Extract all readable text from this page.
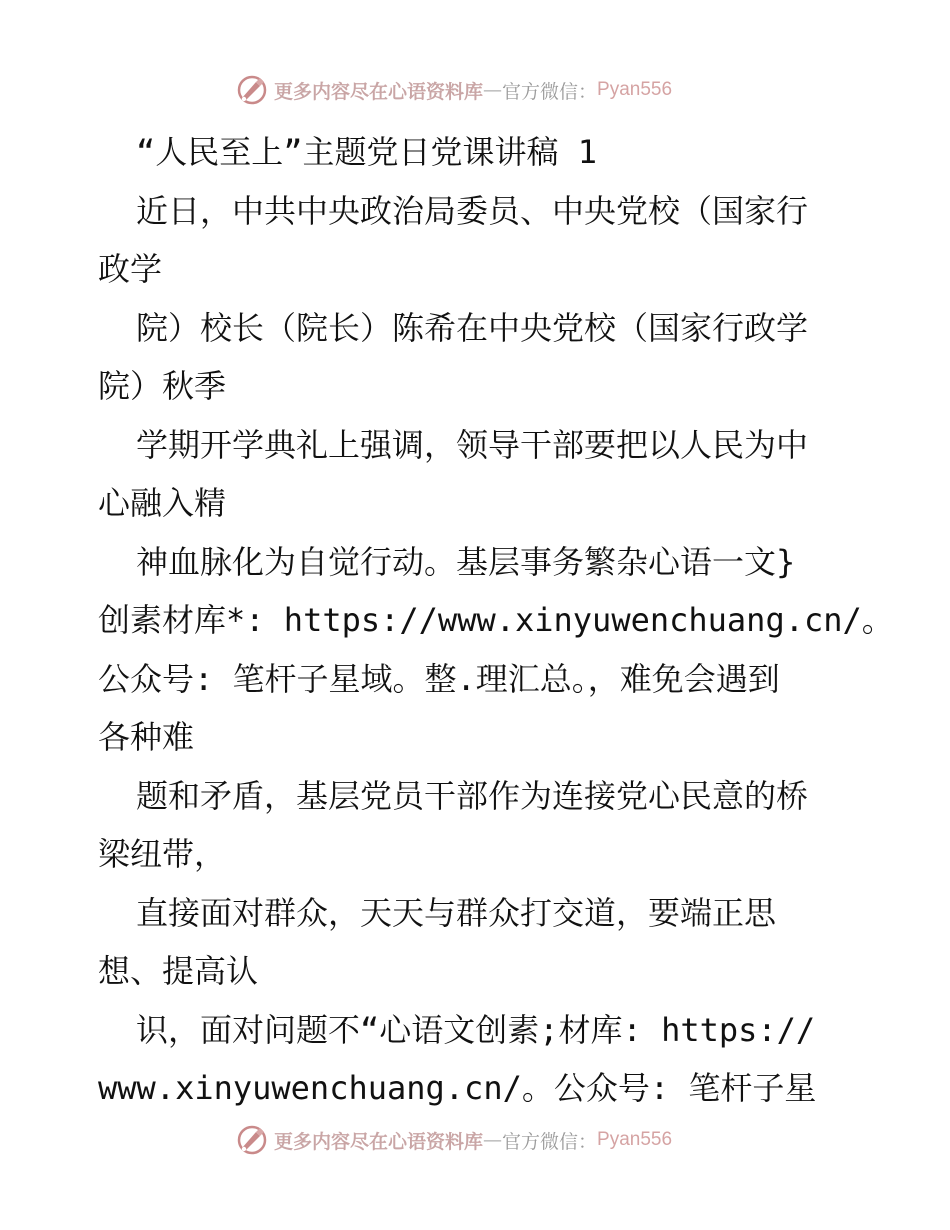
更多内容尽在心语资料库 — 官方微信： Pyan556
“人民至上”主题党日党课讲稿 1
近日，中共中央政治局委员、中央党校（国家行
政学
院）校长（院长）陈希在中央党校（国家行政学
院）秋季
学期开学典礼上强调，领导干部要把以人民为中
心融入精
神血脉化为自觉行动。基层事务繁杂心语一文}
创素材库*: https://www.xinyuwenchuang.cn/。
公众号: 笔杆子星域。整.理汇总。，难免会遇到
各种难
题和矛盾，基层党员干部作为连接党心民意的桥
梁纽带，
直接面对群众，天天与群众打交道，要端正思
想、提高认
识，面对问题不“心语文创素;材库: https://
www.xinyuwenchuang.cn/。公众号: 笔杆子星
更多内容尽在心语资料库 — 官方微信： Pyan556
